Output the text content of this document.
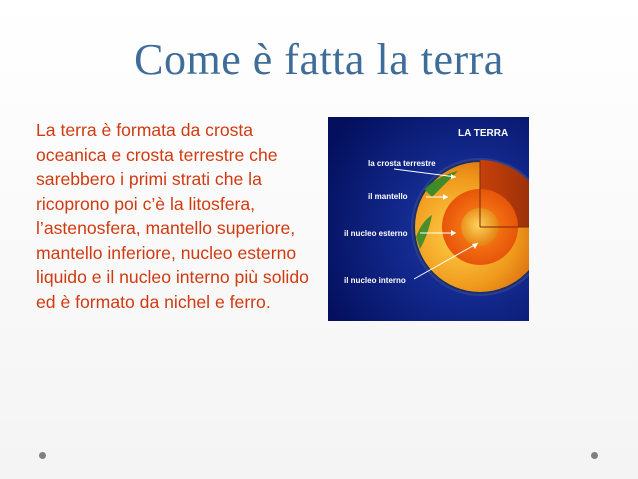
Come è fatta la terra
La terra è formata da crosta oceanica e crosta terrestre che sarebbero i primi strati che la ricoprono poi c’è la litosfera, l’astenosfera, mantello superiore, mantello inferiore, nucleo esterno liquido e il nucleo interno più solido ed è formato da nichel e ferro.
LA TERRA
la crosta terrestre
il mantello
il nucleo esterno
il nucleo interno
